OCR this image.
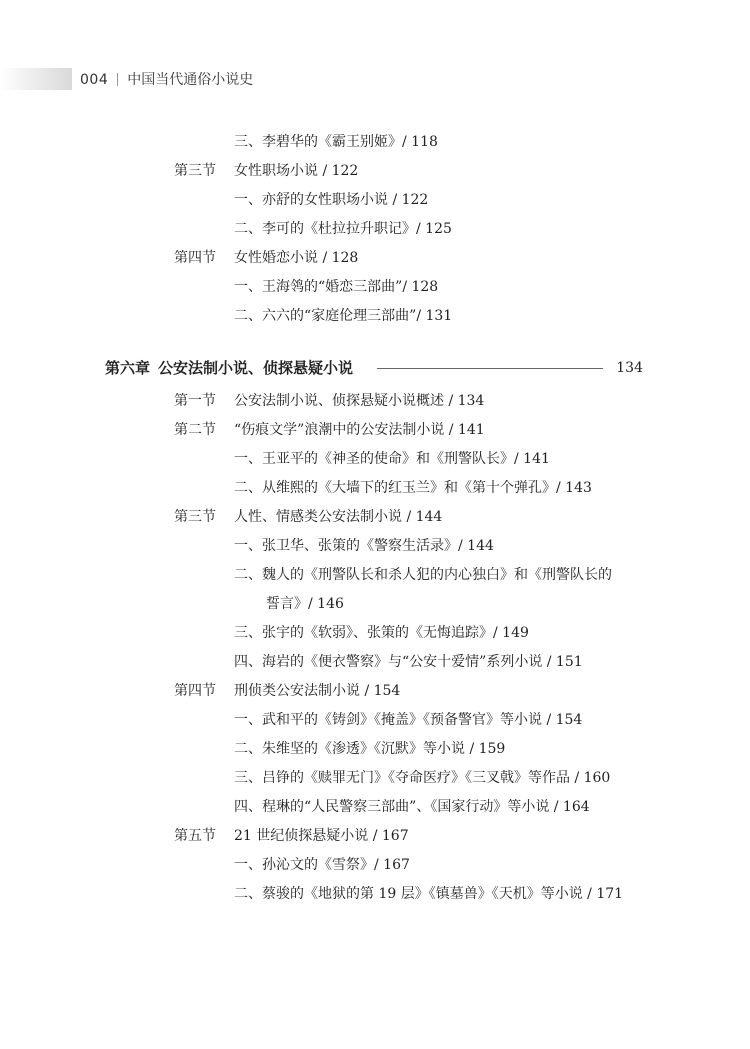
004 中国当代通俗小说史
三、李碧华的《霸王别姬》/ 118
第三节 女性职场小说 / 122
一、亦舒的女性职场小说 / 122
二、李可的《杜拉拉升职记》/ 125
第四节 女性婚恋小说 / 128
一、王海鸰的“婚恋三部曲”/ 128
二、六六的“家庭伦理三部曲”/ 131
第六章 公安法制小说、侦探悬疑小说	134
第一节 公安法制小说、侦探悬疑小说概述 / 134
第二节 “伤痕文学”浪潮中的公安法制小说 / 141
一、王亚平的《神圣的使命》和《刑警队长》/ 141
二、从维熙的《大墙下的红玉兰》和《第十个弹孔》/ 143
第三节 人性、情感类公安法制小说 / 144
一、张卫华、张策的《警察生活录》/ 144
二、魏人的《刑警队长和杀人犯的内心独白》和《刑警队长的
誓言》/ 146
三、张宇的《软弱》、张策的《无悔追踪》/ 149
四、海岩的《便衣警察》与“公安十爱情”系列小说 / 151
第四节 刑侦类公安法制小说 / 154
一、武和平的《铸剑》《掩盖》《预备警官》等小说 / 154
二、朱维坚的《渗透》《沉默》等小说 / 159
三、吕铮的《赎罪无门》《夺命医疗》《三叉戟》等作品 / 160
四、程琳的“人民警察三部曲”、《国家行动》等小说 / 164
第五节 21 世纪侦探悬疑小说 / 167
一、孙沁文的《雪祭》/ 167
二、蔡骏的《地狱的第 19 层》《镇墓兽》《天机》等小说 / 171
